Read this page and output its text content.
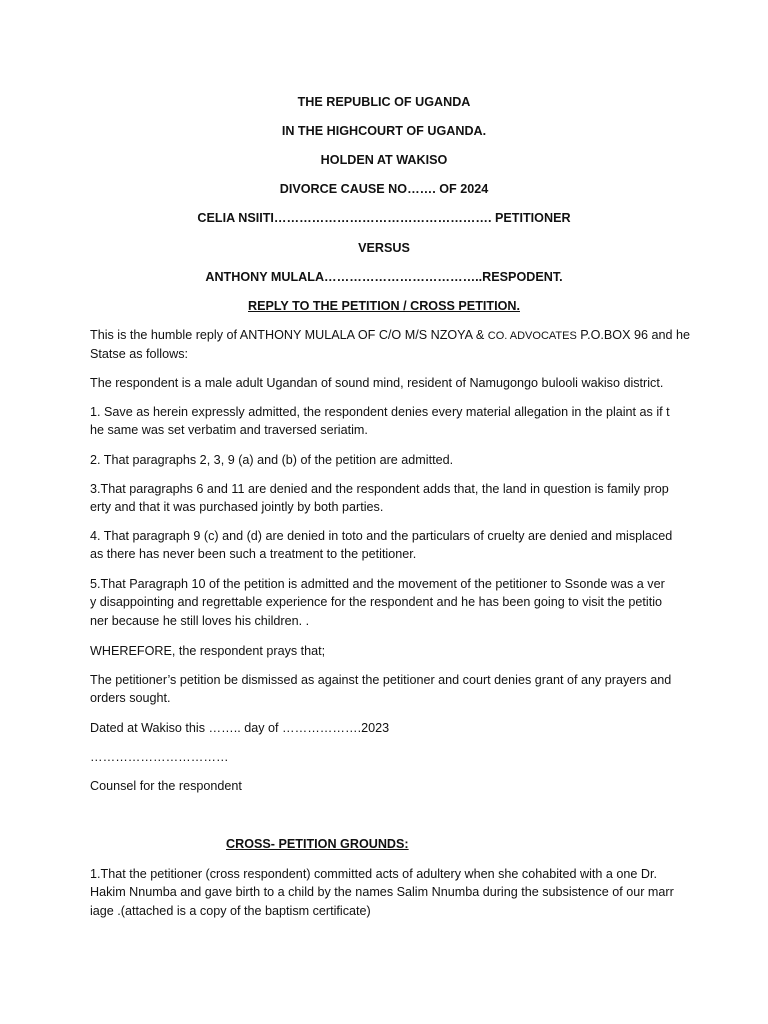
THE REPUBLIC OF UGANDA

IN THE HIGHCOURT OF UGANDA.

HOLDEN AT WAKISO

DIVORCE CAUSE NO……. OF 2024

CELIA NSIITI……………………………………………. PETITIONER

VERSUS

ANTHONY MULALA………………………………..RESPODENT.

REPLY TO THE PETITION / CROSS PETITION.

This is the humble reply of ANTHONY MULALA OF C/O M/S NZOYA & CO. ADVOCATES P.O.BOX 96 and he

Statse as follows:

The respondent is a male adult Ugandan of sound mind, resident of Namugongo bulooli wakiso district.

1. Save as herein expressly admitted, the respondent denies every material allegation in the plaint as if t

he same was set verbatim and traversed seriatim.

2. That paragraphs 2, 3, 9 (a) and (b) of the petition are admitted.

3.That paragraphs 6 and 11 are denied and the respondent adds that, the land in question is family prop

erty and that it was purchased jointly by both parties.

4. That paragraph 9 (c) and (d) are denied in toto and the particulars of cruelty are denied and misplaced

as there has never been such a treatment to the petitioner.

5.That Paragraph 10 of the petition is admitted and the movement of the petitioner to Ssonde was a ver

y disappointing and regrettable experience for the respondent and he has been going to visit the petitio

ner because he still loves his children. .

WHEREFORE, the respondent prays that;

The petitioner’s petition be dismissed as against the petitioner and court denies grant of any prayers and

orders sought.

Dated at Wakiso this …….. day of ……………….2023

……………………………

Counsel for the respondent

CROSS- PETITION GROUNDS:

1.That the petitioner (cross respondent) committed acts of adultery when she cohabited with a one Dr.

Hakim Nnumba and gave birth to a child by the names Salim Nnumba during the subsistence of our marr

iage .(attached is a copy of the baptism certificate)
